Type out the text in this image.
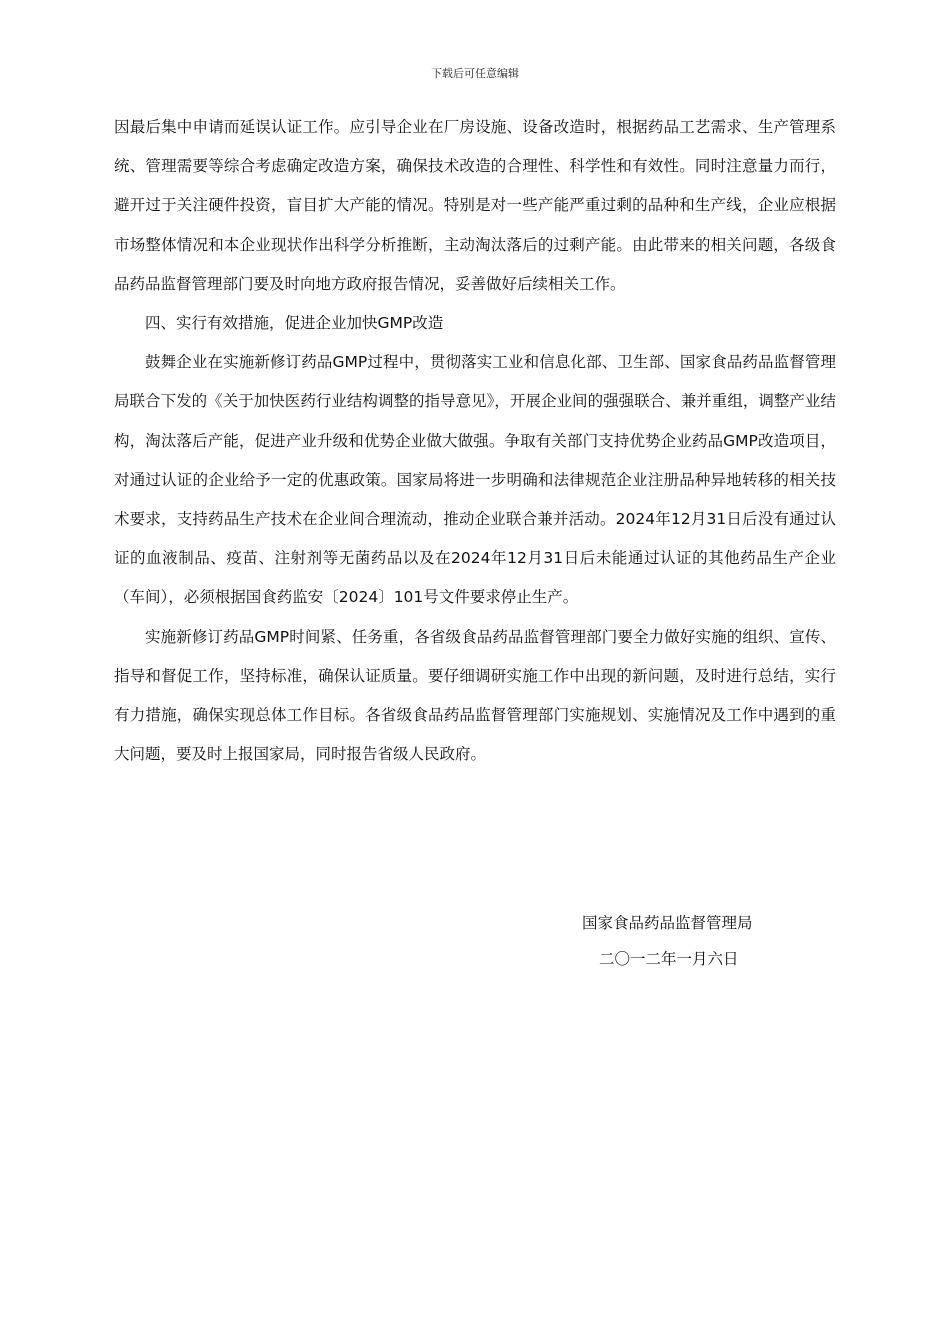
下载后可任意编辑

因最后集中申请而延误认证工作。应引导企业在厂房设施、设备改造时，根据药品工艺需求、生产管理系统、管理需要等综合考虑确定改造方案，确保技术改造的合理性、科学性和有效性。同时注意量力而行，避开过于关注硬件投资，盲目扩大产能的情况。特别是对一些产能严重过剩的品种和生产线，企业应根据市场整体情况和本企业现状作出科学分析推断，主动淘汰落后的过剩产能。由此带来的相关问题，各级食品药品监督管理部门要及时向地方政府报告情况，妥善做好后续相关工作。

四、实行有效措施，促进企业加快GMP改造

鼓舞企业在实施新修订药品GMP过程中，贯彻落实工业和信息化部、卫生部、国家食品药品监督管理局联合下发的《关于加快医药行业结构调整的指导意见》，开展企业间的强强联合、兼并重组，调整产业结构，淘汰落后产能，促进产业升级和优势企业做大做强。争取有关部门支持优势企业药品GMP改造项目，对通过认证的企业给予一定的优惠政策。国家局将进一步明确和法律规范企业注册品种异地转移的相关技术要求，支持药品生产技术在企业间合理流动，推动企业联合兼并活动。2024年12月31日后没有通过认证的血液制品、疫苗、注射剂等无菌药品以及在2024年12月31日后未能通过认证的其他药品生产企业（车间），必须根据国食药监安〔2024〕101号文件要求停止生产。

实施新修订药品GMP时间紧、任务重，各省级食品药品监督管理部门要全力做好实施的组织、宣传、指导和督促工作，坚持标准，确保认证质量。要仔细调研实施工作中出现的新问题，及时进行总结，实行有力措施，确保实现总体工作目标。各省级食品药品监督管理部门实施规划、实施情况及工作中遇到的重大问题，要及时上报国家局，同时报告省级人民政府。

国家食品药品监督管理局
二〇一二年一月六日
